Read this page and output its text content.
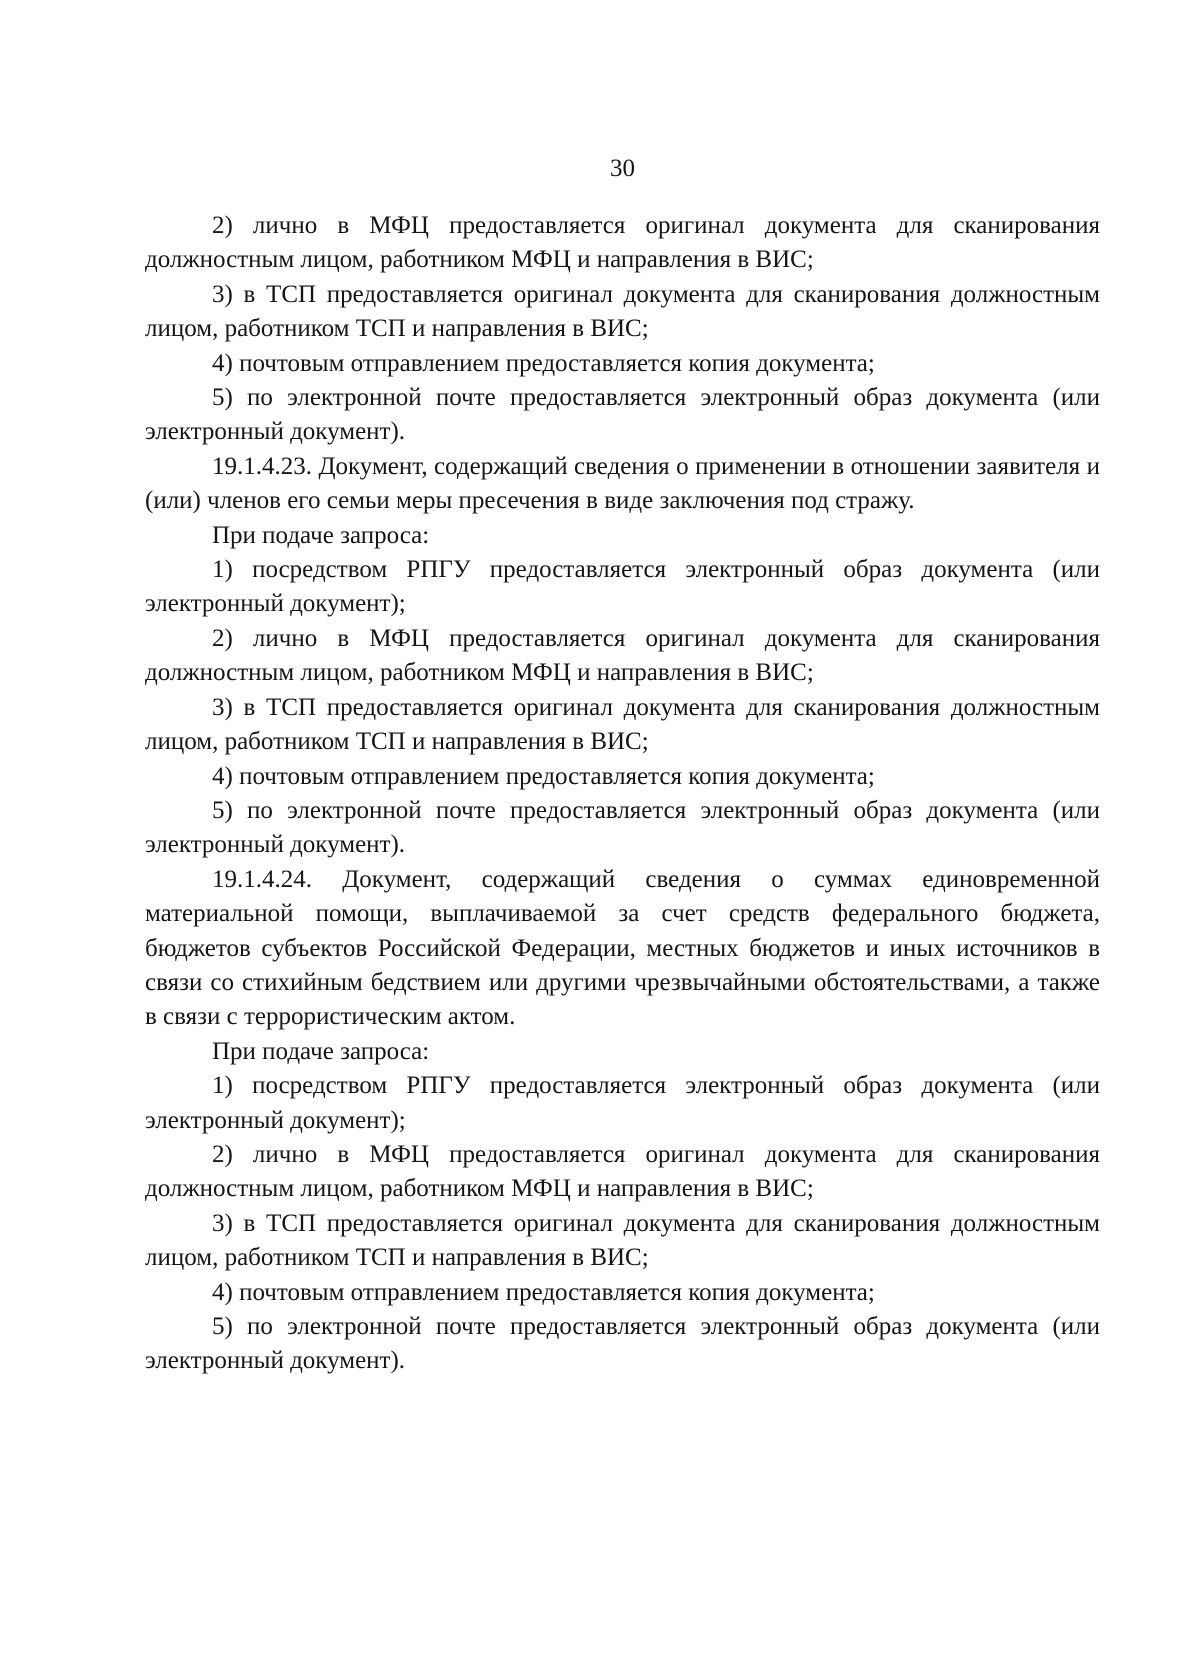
30

2) лично в МФЦ предоставляется оригинал документа для сканирования должностным лицом, работником МФЦ и направления в ВИС;

3) в ТСП предоставляется оригинал документа для сканирования должностным лицом, работником ТСП и направления в ВИС;

4) почтовым отправлением предоставляется копия документа;

5) по электронной почте предоставляется электронный образ документа (или электронный документ).

19.1.4.23. Документ, содержащий сведения о применении в отношении заявителя и (или) членов его семьи меры пресечения в виде заключения под стражу.

При подаче запроса:

1) посредством РПГУ предоставляется электронный образ документа (или электронный документ);

2) лично в МФЦ предоставляется оригинал документа для сканирования должностным лицом, работником МФЦ и направления в ВИС;

3) в ТСП предоставляется оригинал документа для сканирования должностным лицом, работником ТСП и направления в ВИС;

4) почтовым отправлением предоставляется копия документа;

5) по электронной почте предоставляется электронный образ документа (или электронный документ).

19.1.4.24. Документ, содержащий сведения о суммах единовременной материальной помощи, выплачиваемой за счет средств федерального бюджета, бюджетов субъектов Российской Федерации, местных бюджетов и иных источников в связи со стихийным бедствием или другими чрезвычайными обстоятельствами, а также в связи с террористическим актом.

При подаче запроса:

1) посредством РПГУ предоставляется электронный образ документа (или электронный документ);

2) лично в МФЦ предоставляется оригинал документа для сканирования должностным лицом, работником МФЦ и направления в ВИС;

3) в ТСП предоставляется оригинал документа для сканирования должностным лицом, работником ТСП и направления в ВИС;

4) почтовым отправлением предоставляется копия документа;

5) по электронной почте предоставляется электронный образ документа (или электронный документ).
